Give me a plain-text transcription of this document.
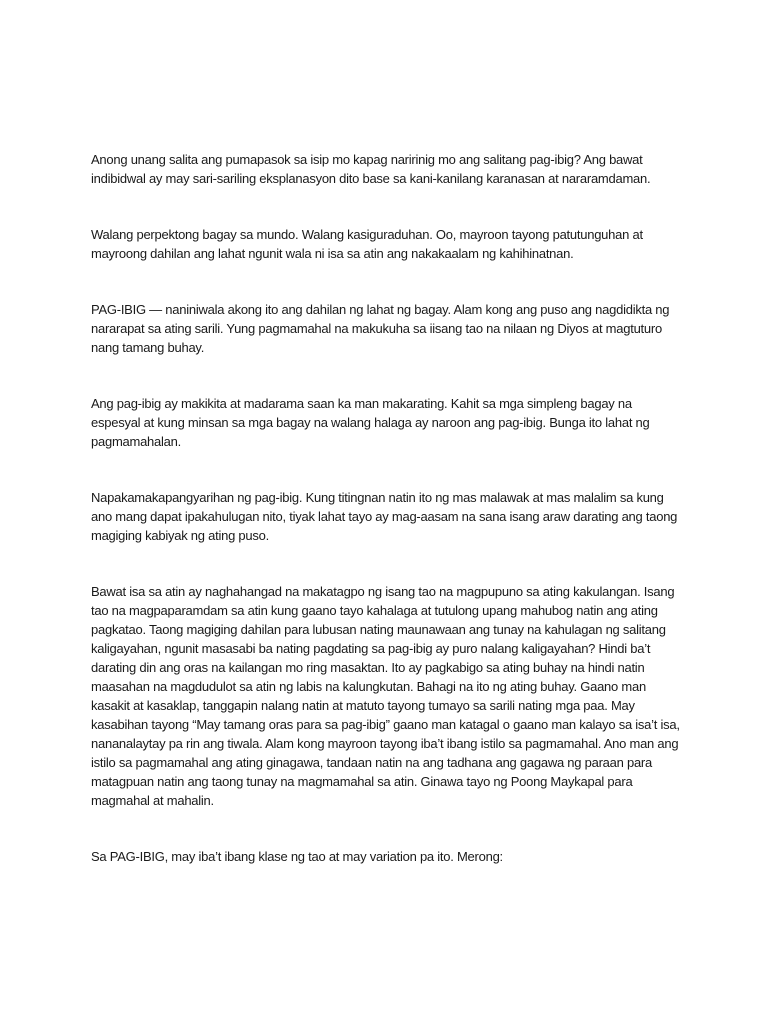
Anong unang salita ang pumapasok sa isip mo kapag naririnig mo ang salitang pag-ibig? Ang bawat indibidwal ay may sari-sariling eksplanasyon dito base sa kani-kanilang karanasan at nararamdaman.

Walang perpektong bagay sa mundo. Walang kasiguraduhan. Oo, mayroon tayong patutunguhan at mayroong dahilan ang lahat ngunit wala ni isa sa atin ang nakakaalam ng kahihinatnan.

PAG-IBIG — naniniwala akong ito ang dahilan ng lahat ng bagay. Alam kong ang puso ang nagdidikta ng nararapat sa ating sarili. Yung pagmamahal na makukuha sa iisang tao na nilaan ng Diyos at magtuturo nang tamang buhay.

Ang pag-ibig ay makikita at madarama saan ka man makarating. Kahit sa mga simpleng bagay na espesyal at kung minsan sa mga bagay na walang halaga ay naroon ang pag-ibig. Bunga ito lahat ng pagmamahalan.

Napakamakapangyarihan ng pag-ibig. Kung titingnan natin ito ng mas malawak at mas malalim sa kung ano mang dapat ipakahulugan nito, tiyak lahat tayo ay mag-aasam na sana isang araw darating ang taong magiging kabiyak ng ating puso.

Bawat isa sa atin ay naghahangad na makatagpo ng isang tao na magpupuno sa ating kakulangan. Isang tao na magpaparamdam sa atin kung gaano tayo kahalaga at tutulong upang mahubog natin ang ating pagkatao. Taong magiging dahilan para lubusan nating maunawaan ang tunay na kahulagan ng salitang kaligayahan, ngunit masasabi ba nating pagdating sa pag-ibig ay puro nalang kaligayahan? Hindi ba’t darating din ang oras na kailangan mo ring masaktan. Ito ay pagkabigo sa ating buhay na hindi natin maasahan na magdudulot sa atin ng labis na kalungkutan. Bahagi na ito ng ating buhay. Gaano man kasakit at kasaklap, tanggapin nalang natin at matuto tayong tumayo sa sarili nating mga paa. May kasabihan tayong “May tamang oras para sa pag-ibig” gaano man katagal o gaano man kalayo sa isa’t isa, nananalaytay pa rin ang tiwala. Alam kong mayroon tayong iba’t ibang istilo sa pagmamahal. Ano man ang istilo sa pagmamahal ang ating ginagawa, tandaan natin na ang tadhana ang gagawa ng paraan para matagpuan natin ang taong tunay na magmamahal sa atin. Ginawa tayo ng Poong Maykapal para magmahal at mahalin.

Sa PAG-IBIG, may iba’t ibang klase ng tao at may variation pa ito. Merong:
